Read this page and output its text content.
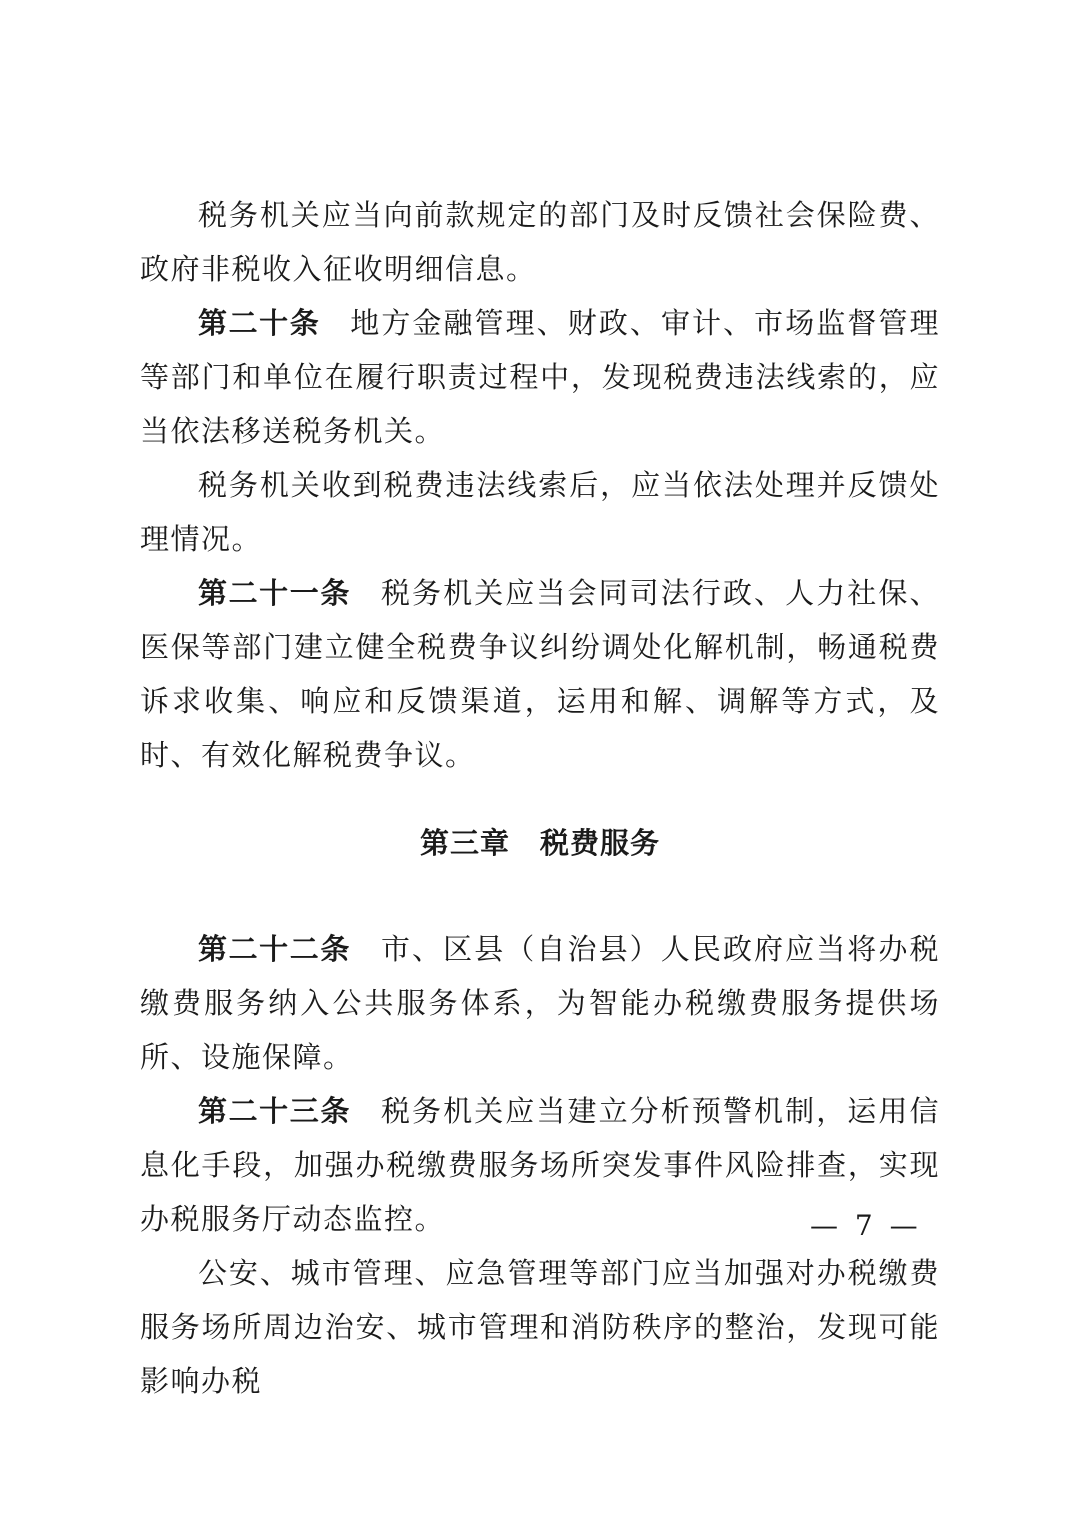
税务机关应当向前款规定的部门及时反馈社会保险费、政府非税收入征收明细信息。

第二十条 地方金融管理、财政、审计、市场监督管理等部门和单位在履行职责过程中，发现税费违法线索的，应当依法移送税务机关。

税务机关收到税费违法线索后，应当依法处理并反馈处理情况。

第二十一条 税务机关应当会同司法行政、人力社保、医保等部门建立健全税费争议纠纷调处化解机制，畅通税费诉求收集、响应和反馈渠道，运用和解、调解等方式，及时、有效化解税费争议。

第三章 税费服务

第二十二条 市、区县（自治县）人民政府应当将办税缴费服务纳入公共服务体系，为智能办税缴费服务提供场所、设施保障。

第二十三条 税务机关应当建立分析预警机制，运用信息化手段，加强办税缴费服务场所突发事件风险排查，实现办税服务厅动态监控。

公安、城市管理、应急管理等部门应当加强对办税缴费服务场所周边治安、城市管理和消防秩序的整治，发现可能影响办税

— 7 —
